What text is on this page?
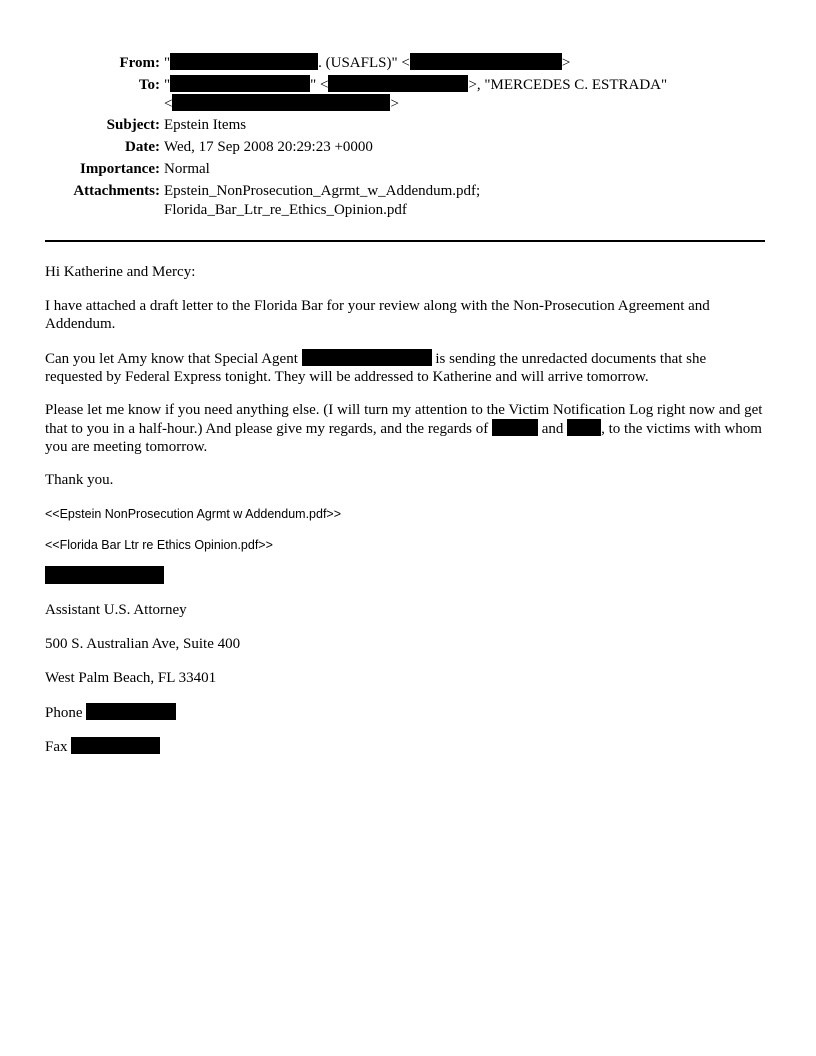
From: "	. (USAFLS)" <	>
To: "	" <	>, "MERCEDES C. ESTRADA"
<	>
Subject: Epstein Items
Date: Wed, 17 Sep 2008 20:29:23 +0000
Importance: Normal
Attachments: Epstein_NonProsecution_Agrmt_w_Addendum.pdf;
Florida_Bar_Ltr_re_Ethics_Opinion.pdf

Hi Katherine and Mercy:

I have attached a draft letter to the Florida Bar for your review along with the Non-Prosecution Agreement and Addendum.

Can you let Amy know that Special Agent	is sending the unredacted documents that she requested by Federal Express tonight. They will be addressed to Katherine and will arrive tomorrow.

Please let me know if you need anything else. (I will turn my attention to the Victim Notification Log right now and get that to you in a half-hour.) And please give my regards, and the regards of	and	, to the victims with whom you are meeting tomorrow.

Thank you.

<<Epstein NonProsecution Agrmt w Addendum.pdf>>

<<Florida Bar Ltr re Ethics Opinion.pdf>>

Assistant U.S. Attorney

500 S. Australian Ave, Suite 400

West Palm Beach, FL 33401

Phone

Fax
